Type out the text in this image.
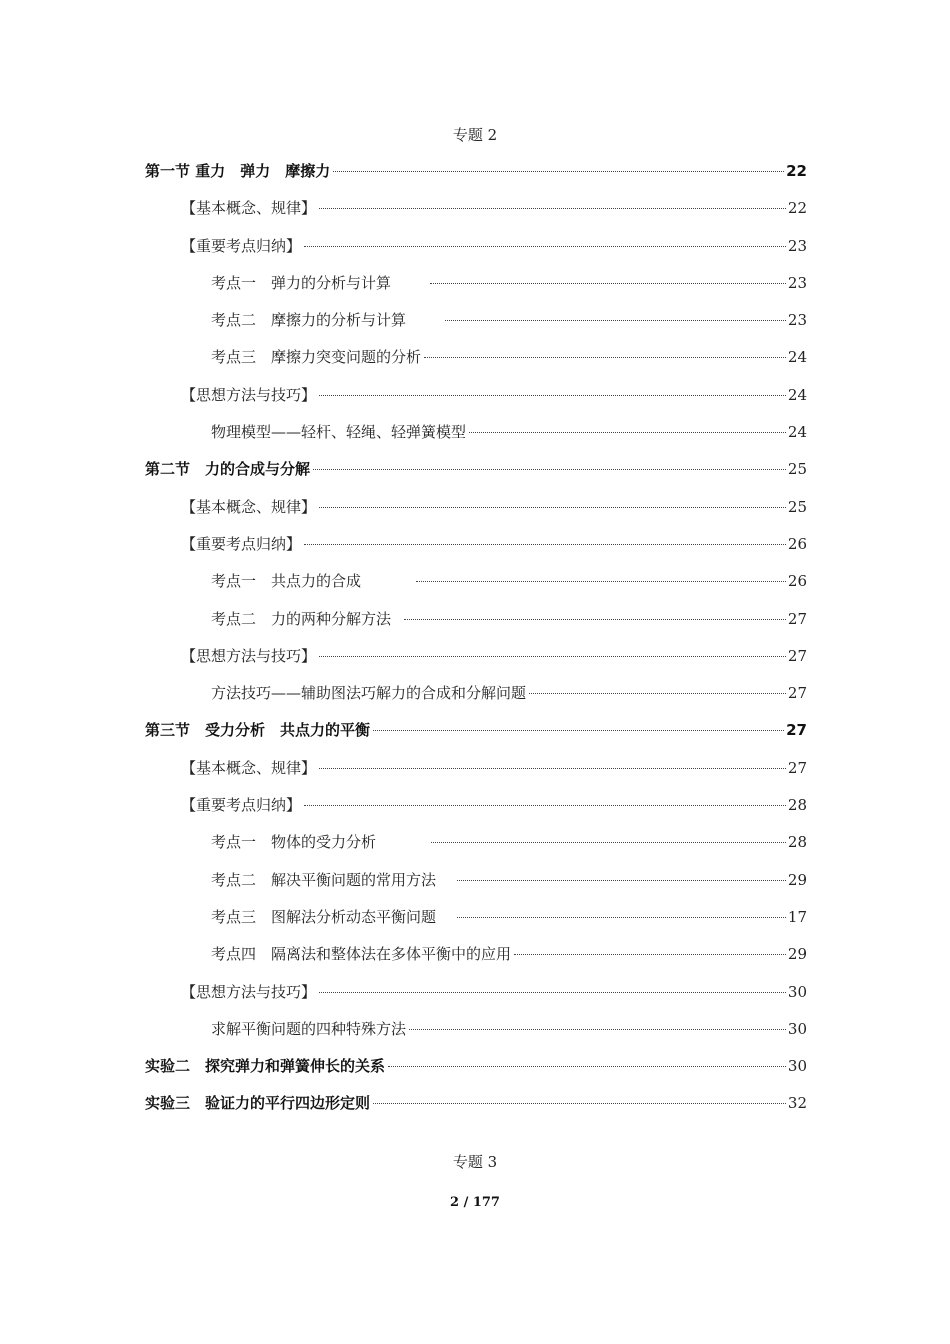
专题 2
第一节 重力　弹力　摩擦力	22
【基本概念、规律】	22
【重要考点归纳】	23
考点一　弹力的分析与计算	23
考点二　摩擦力的分析与计算	23
考点三　摩擦力突变问题的分析	24
【思想方法与技巧】	24
物理模型——轻杆、轻绳、轻弹簧模型	24
第二节　力的合成与分解	25
【基本概念、规律】	25
【重要考点归纳】	26
考点一　共点力的合成	26
考点二　力的两种分解方法	27
【思想方法与技巧】	27
方法技巧——辅助图法巧解力的合成和分解问题	27
第三节　受力分析　共点力的平衡	27
【基本概念、规律】	27
【重要考点归纳】	28
考点一　物体的受力分析	28
考点二　解决平衡问题的常用方法	29
考点三　图解法分析动态平衡问题	17
考点四　隔离法和整体法在多体平衡中的应用	29
【思想方法与技巧】	30
求解平衡问题的四种特殊方法	30
实验二　探究弹力和弹簧伸长的关系	30
实验三　验证力的平行四边形定则	32
专题 3
2 / 177
